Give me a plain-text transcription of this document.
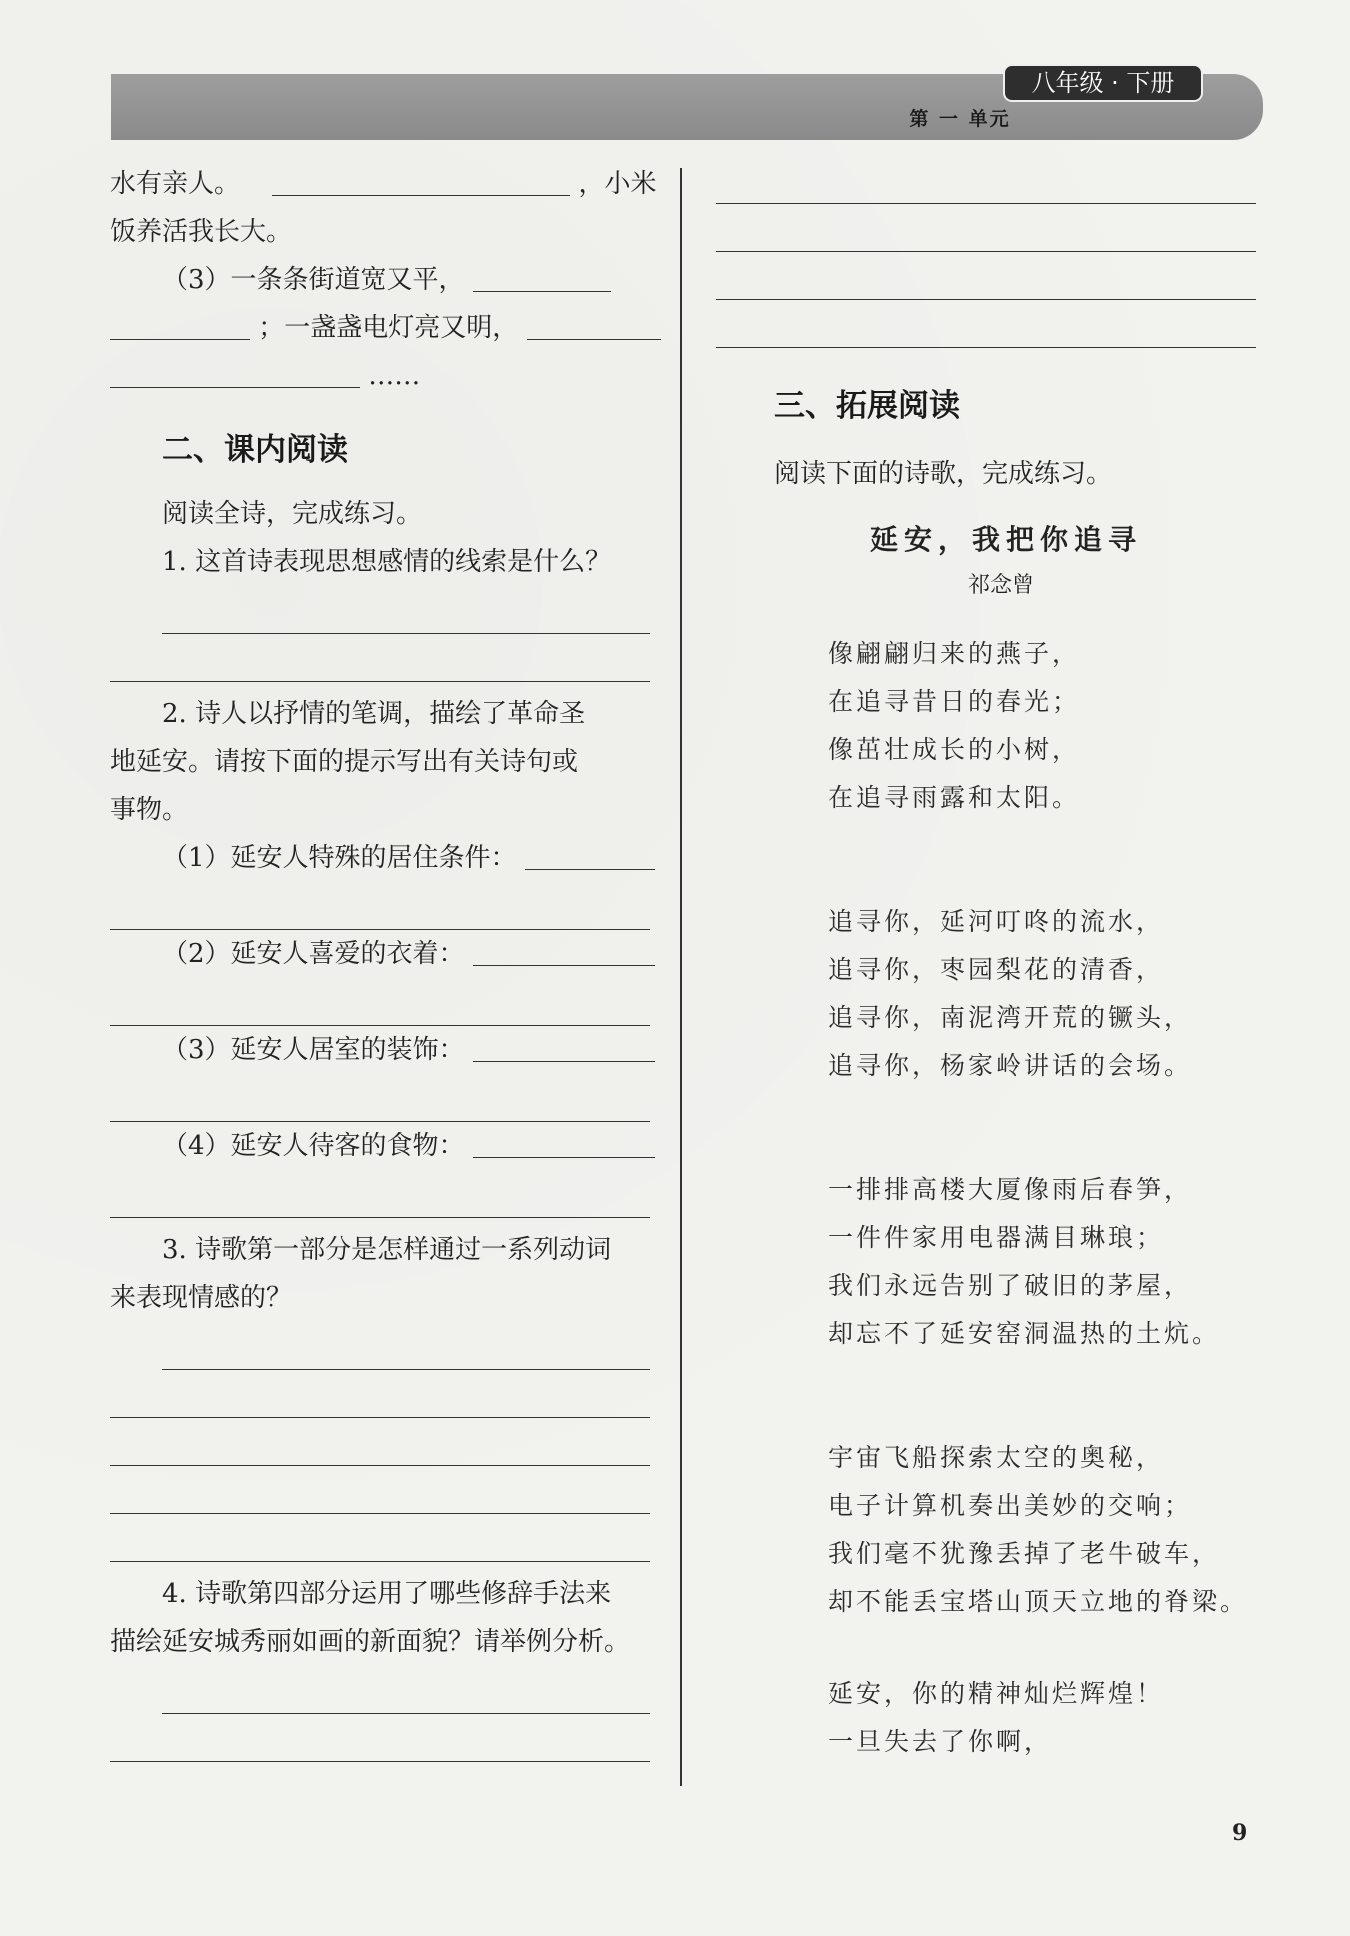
八年级 · 下册
第 一 单元
水有亲人。	，小米
饭养活我长大。
（3）一条条街道宽又平，
；一盏盏电灯亮又明，
……
二、课内阅读
阅读全诗，完成练习。
1. 这首诗表现思想感情的线索是什么？
2. 诗人以抒情的笔调，描绘了革命圣
地延安。请按下面的提示写出有关诗句或
事物。
（1）延安人特殊的居住条件：
（2）延安人喜爱的衣着：
（3）延安人居室的装饰：
（4）延安人待客的食物：
3. 诗歌第一部分是怎样通过一系列动词
来表现情感的？
4. 诗歌第四部分运用了哪些修辞手法来
描绘延安城秀丽如画的新面貌？请举例分析。
三、拓展阅读
阅读下面的诗歌，完成练习。
延安，我把你追寻
祁念曾
像翩翩归来的燕子，
在追寻昔日的春光；
像茁壮成长的小树，
在追寻雨露和太阳。
追寻你，延河叮咚的流水，
追寻你，枣园梨花的清香，
追寻你，南泥湾开荒的镢头，
追寻你，杨家岭讲话的会场。
一排排高楼大厦像雨后春笋，
一件件家用电器满目琳琅；
我们永远告别了破旧的茅屋，
却忘不了延安窑洞温热的土炕。
宇宙飞船探索太空的奥秘，
电子计算机奏出美妙的交响；
我们毫不犹豫丢掉了老牛破车，
却不能丢宝塔山顶天立地的脊梁。
延安，你的精神灿烂辉煌！
一旦失去了你啊，
9
